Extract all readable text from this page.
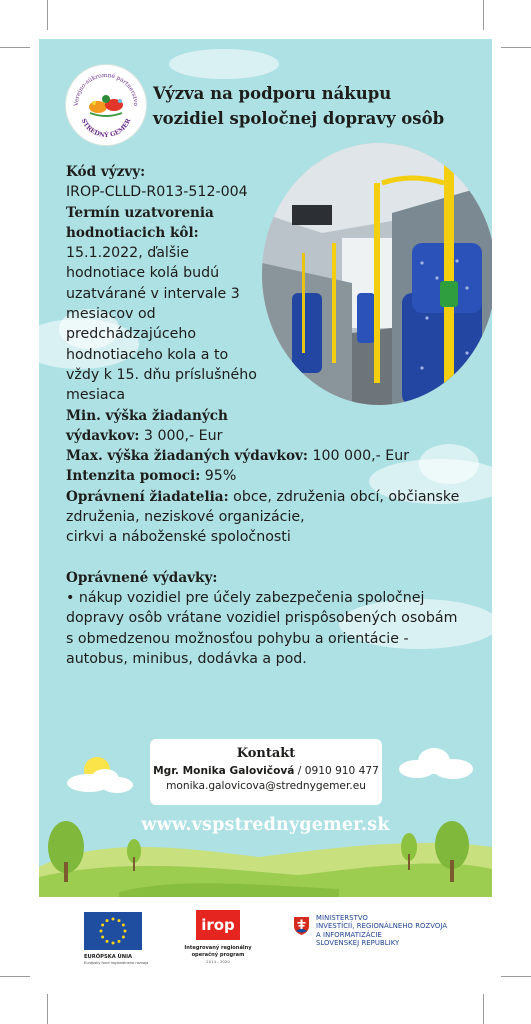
Verejno-súkromné partnerstvo
STREDNÝ GEMER
Výzva na podporu nákupu
vozidiel spoločnej dopravy osôb

Kód výzvy:

IROP-CLLD-R013-512-004

Termín uzatvorenia

hodnotiacich kôl:

15.1.2022, ďalšie

hodnotiace kolá budú

uzatvárané v intervale 3

mesiacov od

predchádzajúceho

hodnotiaceho kola a to

vždy k 15. dňu príslušného

mesiaca

Min. výška žiadaných

výdavkov: 3 000,- Eur

Max. výška žiadaných výdavkov: 100 000,- Eur

Intenzita pomoci: 95%

Oprávnení žiadatelia: obce, združenia obcí, občianske

združenia, neziskové organizácie,

cirkvi a náboženské spoločnosti

Oprávnené výdavky:

• nákup vozidiel pre účely zabezpečenia spoločnej

dopravy osôb vrátane vozidiel prispôsobených osobám

s obmedzenou možnosťou pohybu a orientácie -

autobus, minibus, dodávka a pod.

Kontakt
Mgr. Monika Galovičová / 0910 910 477
monika.galovicova@strednygemer.eu
www.vspstrednygemer.sk
EURÓPSKA ÚNIA
Európsky fond regionálneho rozvoja
irop
Integrovaný regionálny
operačný program
2014 - 2020
MINISTERSTVO
INVESTÍCIÍ, REGIONÁLNEHO ROZVOJA
A INFORMATIZÁCIE
SLOVENSKEJ REPUBLIKY
